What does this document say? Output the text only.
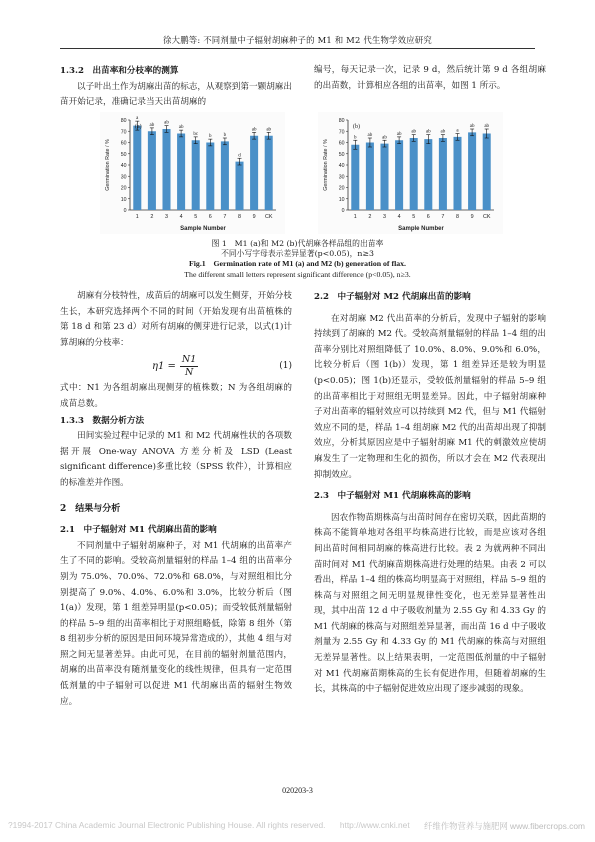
徐大鹏等: 不同剂量中子辐射胡麻种子的 M1 和 M2 代生物学效应研究
1.3.2　出苗率和分枝率的测算
以子叶出土作为胡麻出苗的标志，从观察到第一颗胡麻出苗开始记录，准确记录当天出苗胡麻的
编号，每天记录一次，记录 9 d，然后统计第 9 d 各组胡麻的出苗数，计算相应各组的出苗率，如图 1 所示。
0
10
20
30
40
50
60
70
80 a
1
ab
2
ab
3
ab
4
bc
5
b
6
b
7
d
8
ab
9
ab
CK
Sample Number
Germination Rate / %
(a)
0
10
20
30
40
50
60
70
80
b
1
ab
2
ab
3
ab
4
ab
5
ab
6
ab
7
a
8
ab
9
ab
CK
Sample Number
Germination Rate / %
(b)
图 1　M1 (a)和 M2 (b)代胡麻各样品组的出苗率
不同小写字母表示差异显著(p<0.05)，n≥3
Fig.1　Germination rate of M1 (a) and M2 (b) generation of flax.
The different small letters represent significant difference (p<0.05), n≥3.
胡麻有分枝特性，成苗后的胡麻可以发生侧芽，开始分枝生长，本研究选择两个不同的时间（开始发现有出苗植株的第 18 d 和第 23 d）对所有胡麻的侧芽进行记录，以式(1)计算胡麻的分枝率：
$\eta 1 = \frac{N1}{N}$	(1)
式中：N1 为各组胡麻出现侧芽的植株数；N 为各组胡麻的成苗总数。
1.3.3　数据分析方法
田间实验过程中记录的 M1 和 M2 代胡麻性状的各项数据开展 One-way ANOVA 方差分析及 LSD (Least significant difference)多重比较（SPSS 软件），计算相应的标准差并作图。
2　结果与分析
2.1　中子辐射对 M1 代胡麻出苗的影响
不同剂量中子辐射胡麻种子，对 M1 代胡麻的出苗率产生了不同的影响。受较高剂量辐射的样品 1–4 组的出苗率分别为 75.0%、70.0%、72.0%和 68.0%，与对照组相比分别提高了 9.0%、4.0%、6.0%和 3.0%，比较分析后（图 1(a)）发现，第 1 组差异明显(p<0.05)；而受较低剂量辐射的样品 5–9 组的出苗率相比于对照组略低，除第 8 组外（第 8 组初步分析的原因是田间环境异常造成的），其他 4 组与对照之间无显著差异。由此可见，在目前的辐射剂量范围内，胡麻的出苗率没有随剂量变化的线性规律，但具有一定范围低剂量的中子辐射可以促进 M1 代胡麻出苗的辐射生物效应。
2.2　中子辐射对 M2 代胡麻出苗的影响
在对胡麻 M2 代出苗率的分析后，发现中子辐射的影响持续到了胡麻的 M2 代。受较高剂量辐射的样品 1–4 组的出苗率分别比对照组降低了 10.0%、8.0%、9.0%和 6.0%，比较分析后（图 1(b)）发现，第 1 组差异还是较为明显(p<0.05)；图 1(b)还显示，受较低剂量辐射的样品 5–9 组的出苗率相比于对照组无明显差异。因此，中子辐射胡麻种子对出苗率的辐射效应可以持续到 M2 代，但与 M1 代辐射效应不同的是，样品 1–4 组胡麻 M2 代的出苗却出现了抑制效应，分析其原因应是中子辐射胡麻 M1 代的刺激效应使胡麻发生了一定物理和生化的损伤，所以才会在 M2 代表现出抑制效应。
2.3　中子辐射对 M1 代胡麻株高的影响
因农作物苗期株高与出苗时间存在密切关联，因此苗期的株高不能简单地对各组平均株高进行比较，而是应该对各组间出苗时间相同胡麻的株高进行比较。表 2 为就两种不同出苗时间对 M1 代胡麻苗期株高进行处理的结果。由表 2 可以看出，样品 1–4 组的株高均明显高于对照组，样品 5–9 组的株高与对照组之间无明显规律性变化，也无差异显著性出现，其中出苗 12 d 中子吸收剂量为 2.55 Gy 和 4.33 Gy 的 M1 代胡麻的株高与对照组差异显著，而出苗 16 d 中子吸收剂量为 2.55 Gy 和 4.33 Gy 的 M1 代胡麻的株高与对照组无差异显著性。以上结果表明，一定范围低剂量的中子辐射对 M1 代胡麻苗期株高的生长有促进作用，但随着胡麻的生长，其株高的中子辐射促进效应出现了逐步减弱的现象。
020203-3
?1994-2017 China Academic Journal Electronic Publishing House. All rights reserved. http://www.cnki.net 纤维作物营养与施肥网 www.fibercrops.com
